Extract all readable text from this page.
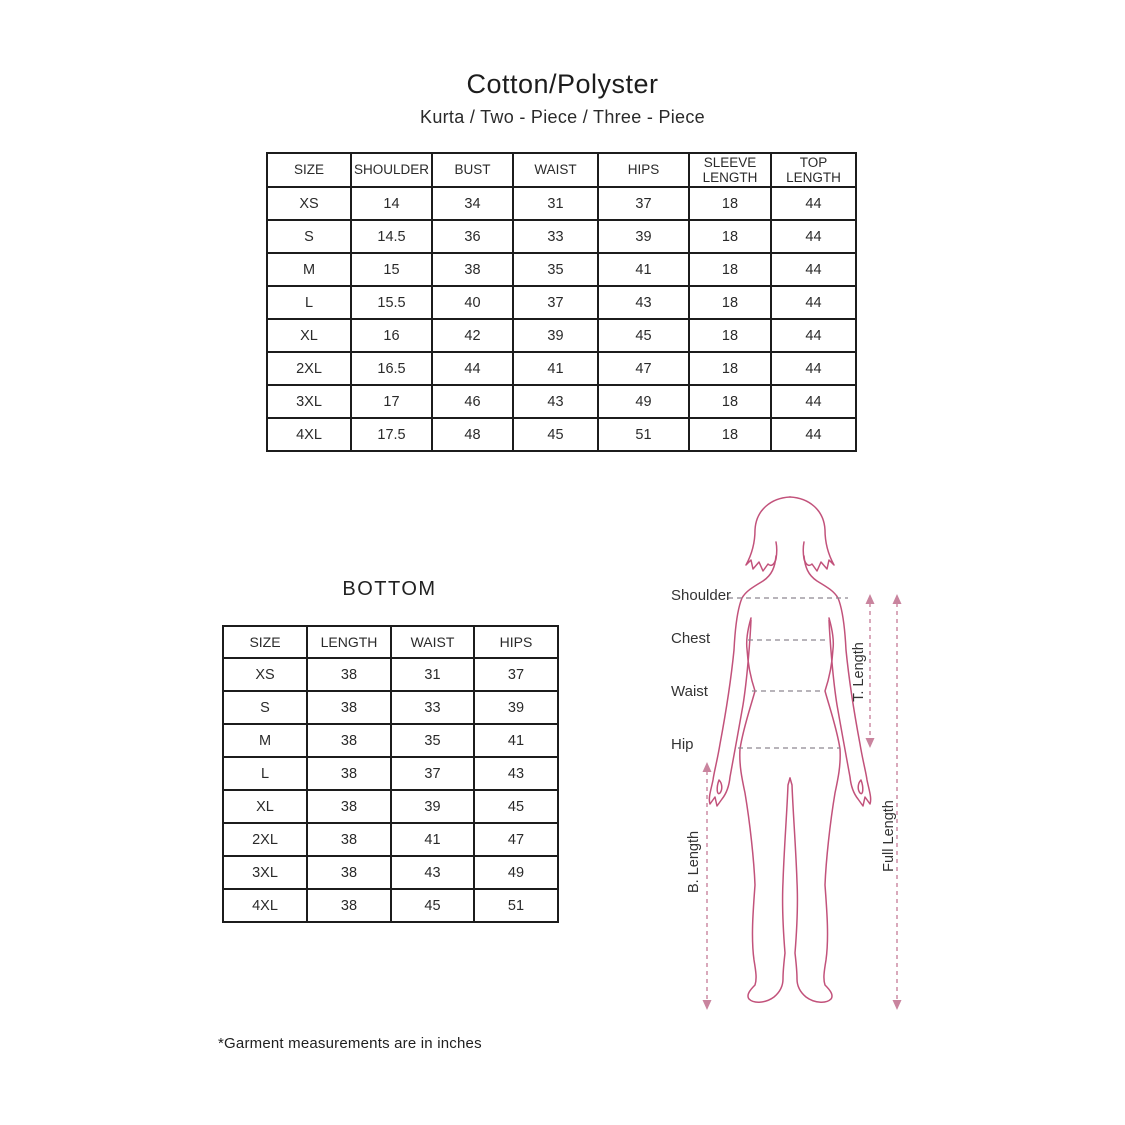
Cotton/Polyster
Kurta / Two - Piece / Three - Piece
SIZE	SHOULDER	BUST	WAIST	HIPS	SLEEVE LENGTH	TOP LENGTH
XS	14	34	31	37	18	44
S	14.5	36	33	39	18	44
M	15	38	35	41	18	44
L	15.5	40	37	43	18	44
XL	16	42	39	45	18	44
2XL	16.5	44	41	47	18	44
3XL	17	46	43	49	18	44
4XL	17.5	48	45	51	18	44
BOTTOM
SIZE	LENGTH	WAIST	HIPS
XS	38	31	37
S	38	33	39
M	38	35	41
L	38	37	43
XL	38	39	45
2XL	38	41	47
3XL	38	43	49
4XL	38	45	51
Shoulder
Chest
Waist
Hip
T. Length
B. Length	Full Length
*Garment measurements are in inches
